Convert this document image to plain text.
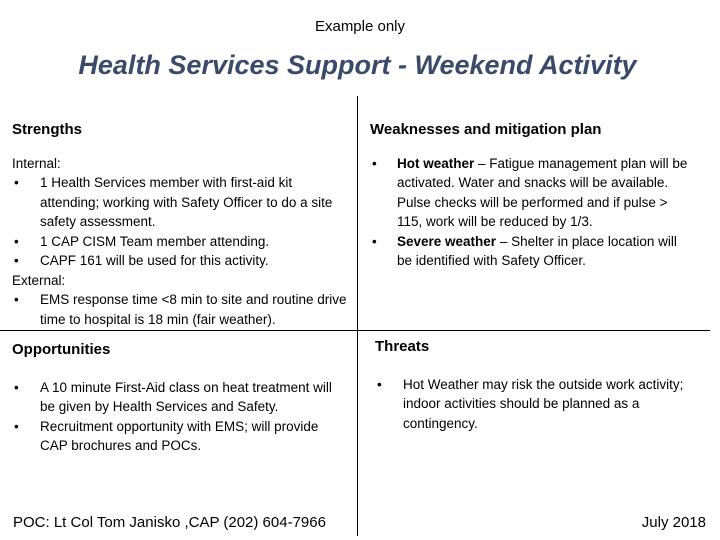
Example only
Health Services Support - Weekend Activity
Strengths
Internal:
• 1 Health Services member with first-aid kit attending; working with Safety Officer to do a site safety assessment.
• 1 CAP CISM Team member attending.
• CAPF 161 will be used for this activity.
External:
• EMS response time <8 min to site and routine drive time to hospital is 18 min (fair weather).
Weaknesses and mitigation plan
• Hot weather – Fatigue management plan will be activated. Water and snacks will be available. Pulse checks will be performed and if pulse > 115, work will be reduced by 1/3.
• Severe weather – Shelter in place location will be identified with Safety Officer.
Opportunities
• A 10 minute First-Aid class on heat treatment will be given by Health Services and Safety.
• Recruitment opportunity with EMS; will provide CAP brochures and POCs.
Threats
• Hot Weather may risk the outside work activity; indoor activities should be planned as a contingency.
POC: Lt Col Tom Janisko ,CAP (202) 604-7966	July 2018
